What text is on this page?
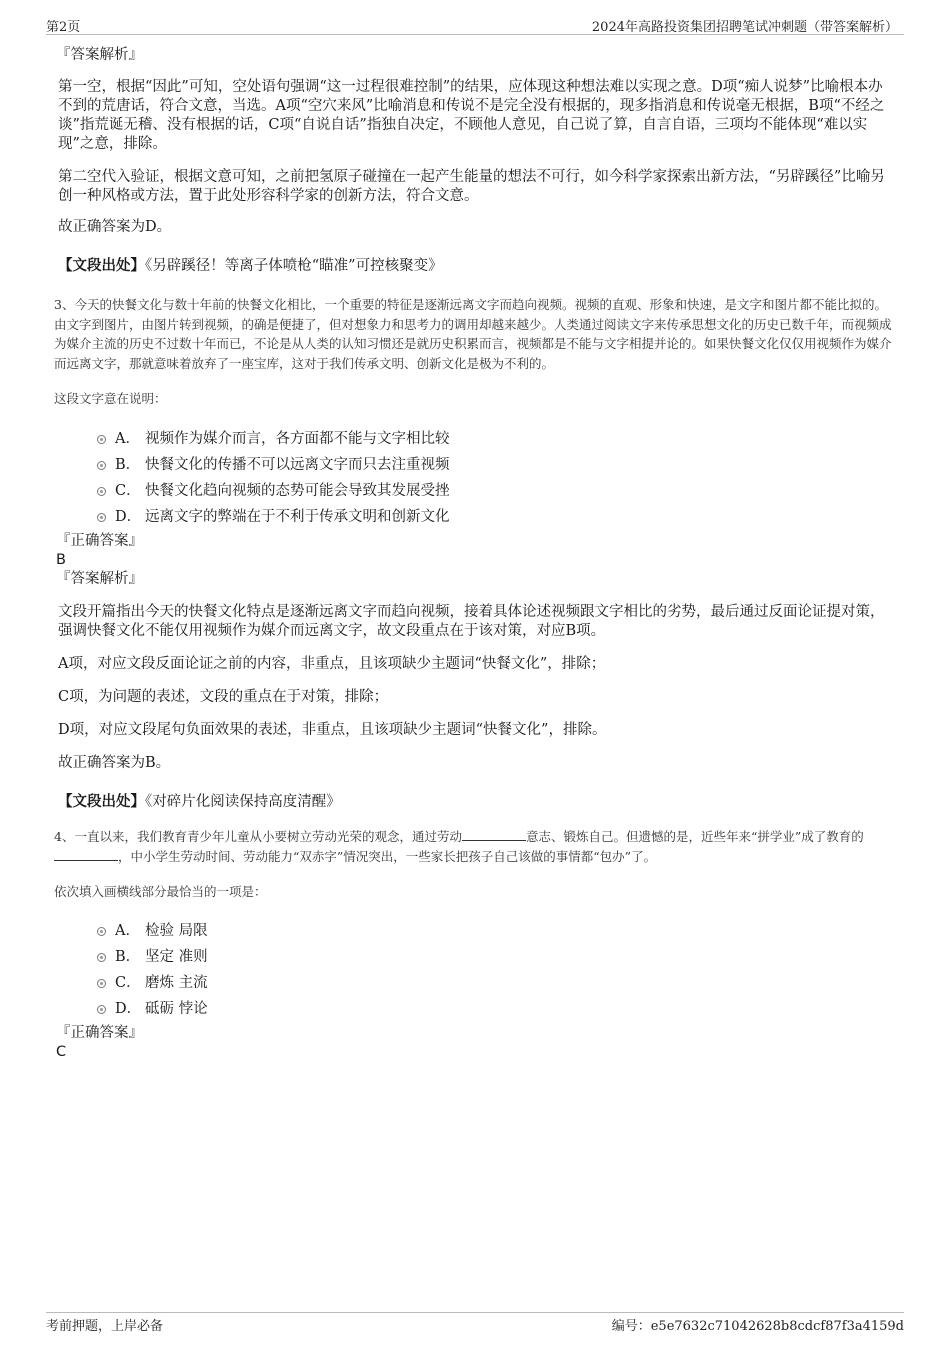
第2页	2024年高路投资集团招聘笔试冲刺题（带答案解析）

『答案解析』

第一空，根据“因此”可知，空处语句强调“这一过程很难控制”的结果，应体现这种想法难以实现之意。D项“痴人说梦”比喻根本办不到的荒唐话，符合文意，当选。A项“空穴来风”比喻消息和传说不是完全没有根据的，现多指消息和传说毫无根据，B项“不经之谈”指荒诞无稽、没有根据的话，C项“自说自话”指独自决定，不顾他人意见，自己说了算，自言自语，三项均不能体现“难以实现”之意，排除。

第二空代入验证，根据文意可知，之前把氢原子碰撞在一起产生能量的想法不可行，如今科学家探索出新方法，“另辟蹊径”比喻另创一种风格或方法，置于此处形容科学家的创新方法，符合文意。

故正确答案为D。

【文段出处】《另辟蹊径！等离子体喷枪“瞄准”可控核聚变》

3、今天的快餐文化与数十年前的快餐文化相比，一个重要的特征是逐渐远离文字而趋向视频。视频的直观、形象和快速，是文字和图片都不能比拟的。由文字到图片，由图片转到视频，的确是便捷了，但对想象力和思考力的调用却越来越少。人类通过阅读文字来传承思想文化的历史已数千年，而视频成为媒介主流的历史不过数十年而已，不论是从人类的认知习惯还是就历史积累而言，视频都是不能与文字相提并论的。如果快餐文化仅仅用视频作为媒介而远离文字，那就意味着放弃了一座宝库，这对于我们传承文明、创新文化是极为不利的。

这段文字意在说明：

A． 视频作为媒介而言，各方面都不能与文字相比较
B． 快餐文化的传播不可以远离文字而只去注重视频
C． 快餐文化趋向视频的态势可能会导致其发展受挫
D． 远离文字的弊端在于不利于传承文明和创新文化

『正确答案』

B

『答案解析』

文段开篇指出今天的快餐文化特点是逐渐远离文字而趋向视频，接着具体论述视频跟文字相比的劣势，最后通过反面论证提对策，强调快餐文化不能仅用视频作为媒介而远离文字，故文段重点在于该对策，对应B项。

A项，对应文段反面论证之前的内容，非重点，且该项缺少主题词“快餐文化”，排除；

C项，为问题的表述，文段的重点在于对策，排除；

D项，对应文段尾句负面效果的表述，非重点，且该项缺少主题词“快餐文化”，排除。

故正确答案为B。

【文段出处】《对碎片化阅读保持高度清醒》

4、一直以来，我们教育青少年儿童从小要树立劳动光荣的观念，通过劳动	意志、锻炼自己。但遗憾的是，近些年来“拼学业”成了教育的，中小学生劳动时间、劳动能力“双赤字”情况突出，一些家长把孩子自己该做的事情都“包办”了。

依次填入画横线部分最恰当的一项是：

A． 检验 局限
B． 坚定 准则
C． 磨炼 主流
D． 砥砺 悖论

『正确答案』

C

考前押题，上岸必备	编号：e5e7632c71042628b8cdcf87f3a4159d
